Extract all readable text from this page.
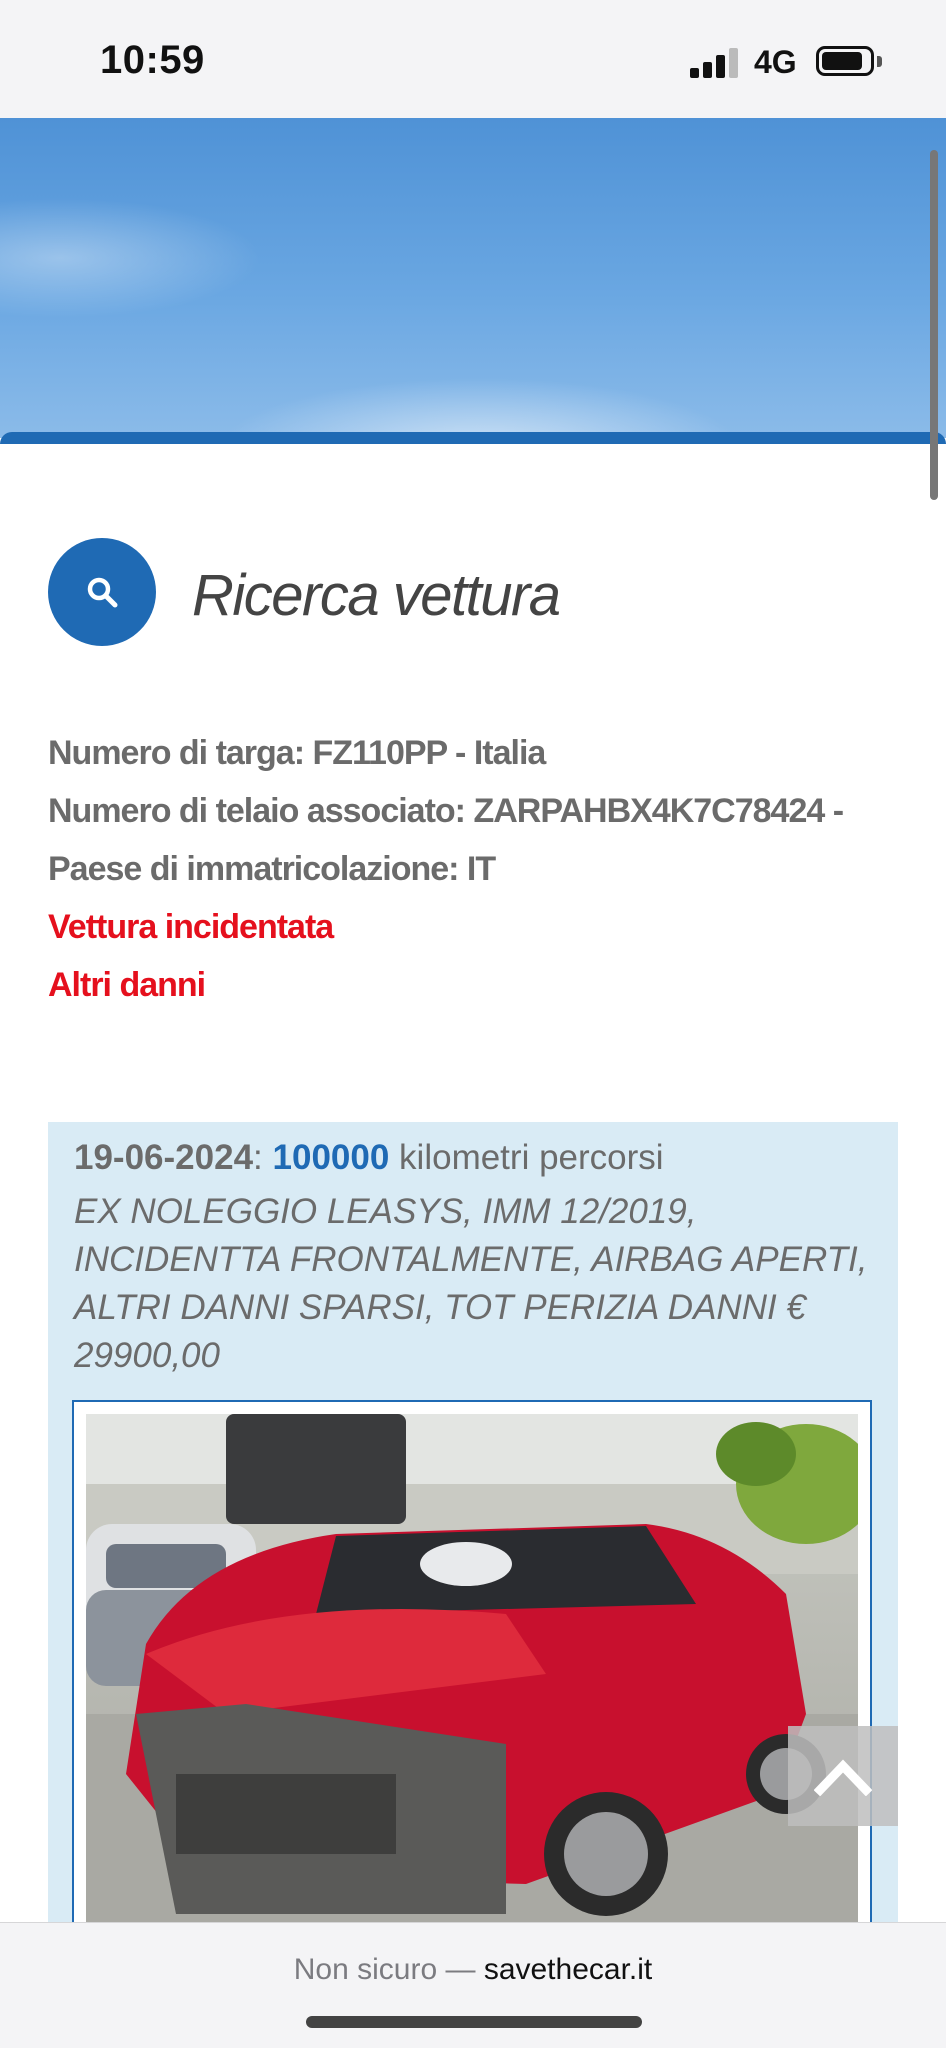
10:59	4G
Ricerca vettura
Numero di targa: FZ110PP - Italia
Numero di telaio associato: ZARPAHBX4K7C78424 - Paese di immatricolazione: IT
Vettura incidentata
Altri danni
19-06-2024: 100000 kilometri percorsi
EX NOLEGGIO LEASYS, IMM 12/2019, INCIDENTTA FRONTALMENTE, AIRBAG APERTI, ALTRI DANNI SPARSI, TOT PERIZIA DANNI € 29900,00
Non sicuro — savethecar.it
